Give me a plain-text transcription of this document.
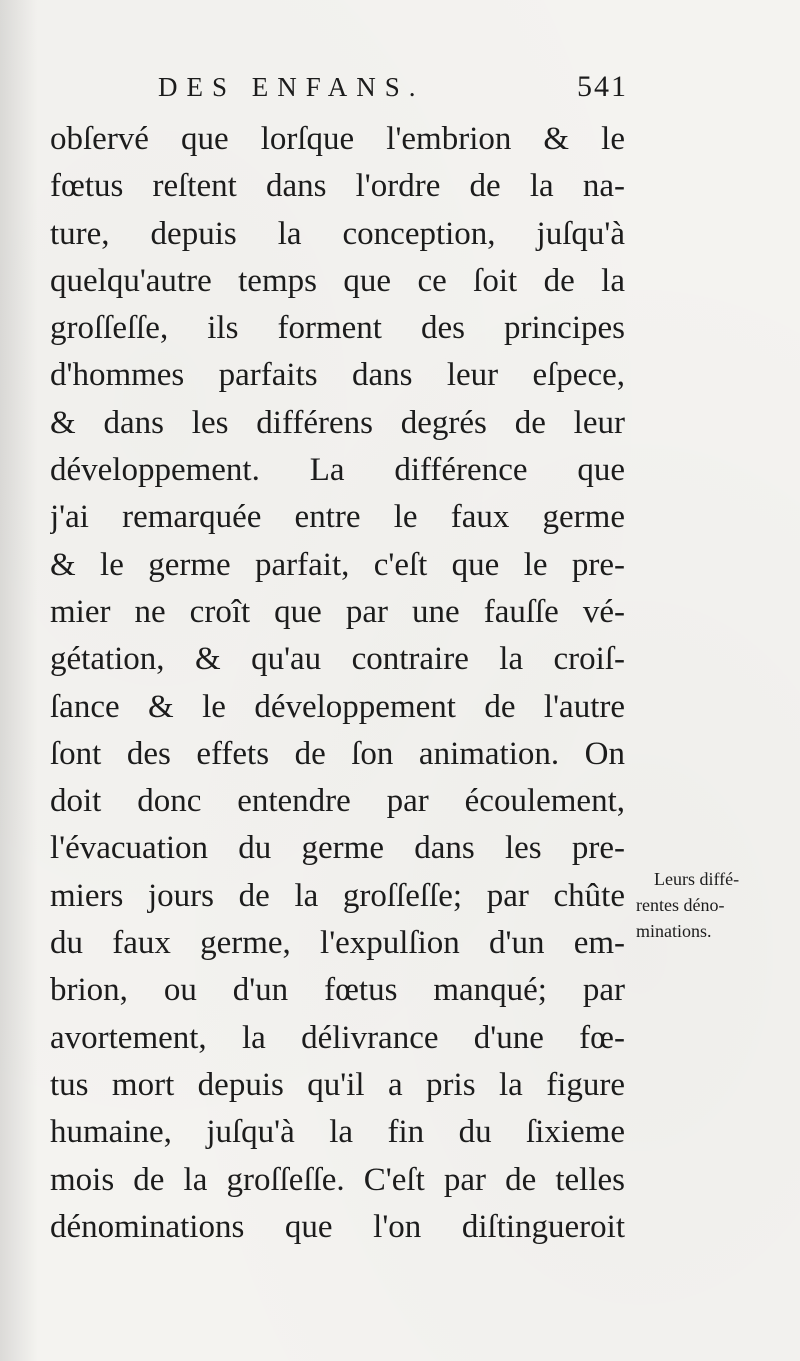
DES ENFANS.	541
obſervé que lorſque l'embrion & le
fœtus reſtent dans l'ordre de la na-
ture, depuis la conception, juſqu'à
quelqu'autre temps que ce ſoit de la
groſſeſſe, ils forment des principes
d'hommes parfaits dans leur eſpece,
& dans les différens degrés de leur
développement. La différence que
j'ai remarquée entre le faux germe
& le germe parfait, c'eſt que le pre-
mier ne croît que par une fauſſe vé-
gétation, & qu'au contraire la croiſ-
ſance & le développement de l'autre
ſont des effets de ſon animation. On
doit donc entendre par écoulement,
l'évacuation du germe dans les pre-
miers jours de la groſſeſſe; par chûte
du faux germe, l'expulſion d'un em-
brion, ou d'un fœtus manqué; par
avortement, la délivrance d'une fœ-
tus mort depuis qu'il a pris la figure
humaine, juſqu'à la fin du ſixieme
mois de la groſſeſſe. C'eſt par de telles
dénominations que l'on diſtingueroit
Leurs diffé-
rentes déno-
minations.
